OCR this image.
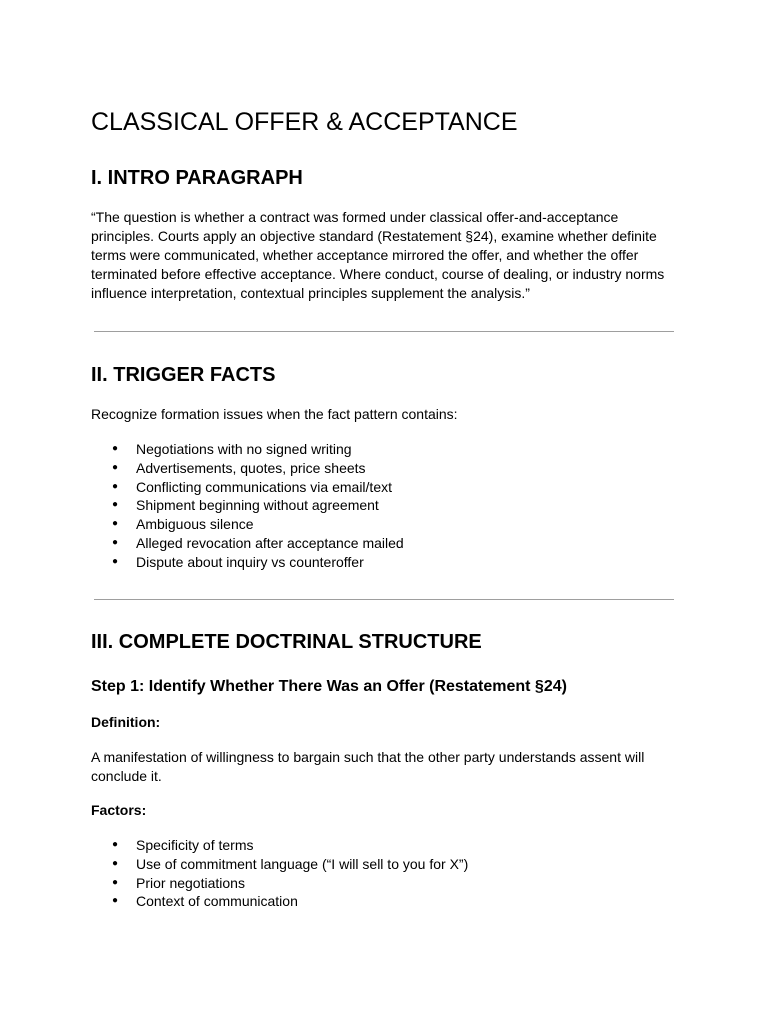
CLASSICAL OFFER & ACCEPTANCE
I. INTRO PARAGRAPH

“The question is whether a contract was formed under classical offer-and-acceptance principles. Courts apply an objective standard (Restatement §24), examine whether definite terms were communicated, whether acceptance mirrored the offer, and whether the offer terminated before effective acceptance. Where conduct, course of dealing, or industry norms influence interpretation, contextual principles supplement the analysis.”

II. TRIGGER FACTS

Recognize formation issues when the fact pattern contains:

● Negotiations with no signed writing
● Advertisements, quotes, price sheets
● Conflicting communications via email/text
● Shipment beginning without agreement
● Ambiguous silence
● Alleged revocation after acceptance mailed
● Dispute about inquiry vs counteroffer
III. COMPLETE DOCTRINAL STRUCTURE
Step 1: Identify Whether There Was an Offer (Restatement §24)

Definition:

A manifestation of willingness to bargain such that the other party understands assent will conclude it.

Factors:

● Specificity of terms
● Use of commitment language (“I will sell to you for X”)
● Prior negotiations
● Context of communication
